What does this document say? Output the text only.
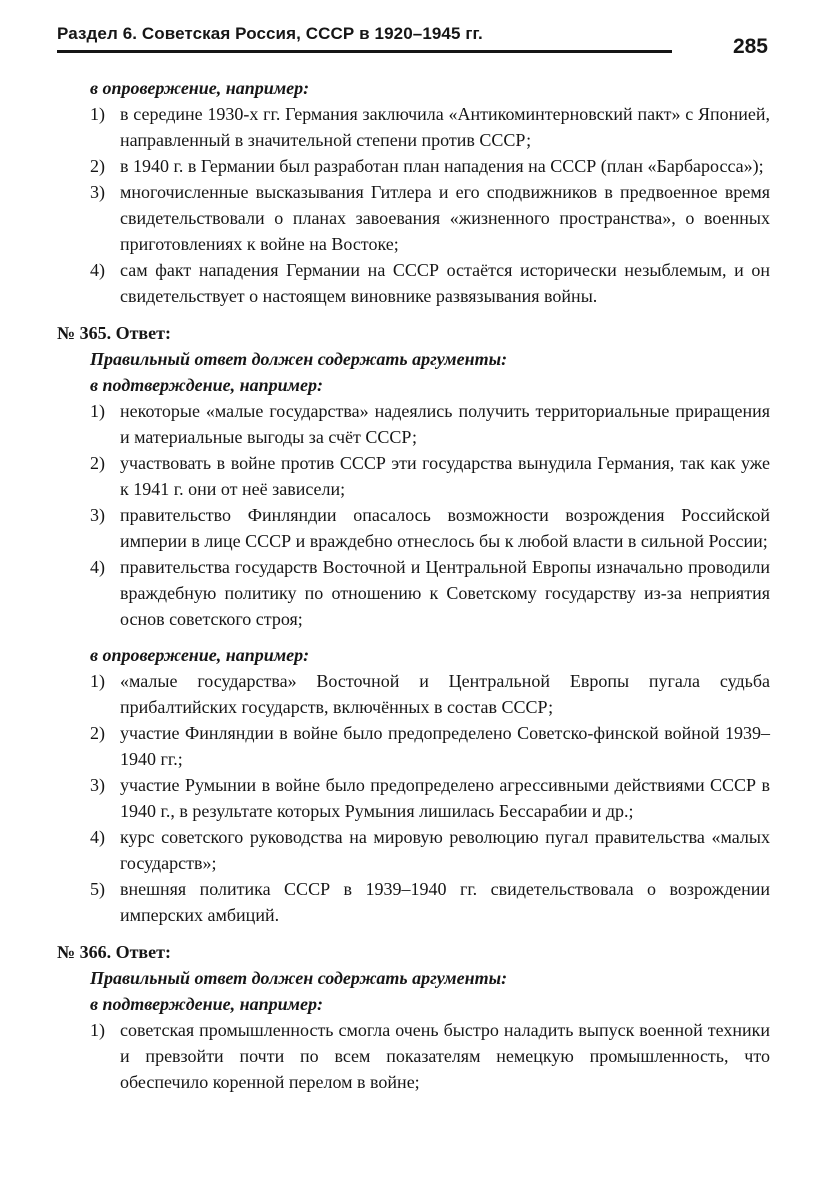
Раздел 6. Советская Россия, СССР в 1920–1945 гг.
285
в опровержение, например:
1) в середине 1930-х гг. Германия заключила «Антикоминтерновский пакт» с Японией, направленный в значительной степени против СССР;
2) в 1940 г. в Германии был разработан план нападения на СССР (план «Барбаросса»);
3) многочисленные высказывания Гитлера и его сподвижников в предвоенное время свидетельствовали о планах завоевания «жизненного пространства», о военных приготовлениях к войне на Востоке;
4) сам факт нападения Германии на СССР остаётся исторически незыблемым, и он свидетельствует о настоящем виновнике развязывания войны.
№ 365. Ответ:
Правильный ответ должен содержать аргументы:
в подтверждение, например:
1) некоторые «малые государства» надеялись получить территориальные приращения и материальные выгоды за счёт СССР;
2) участвовать в войне против СССР эти государства вынудила Германия, так как уже к 1941 г. они от неё зависели;
3) правительство Финляндии опасалось возможности возрождения Российской империи в лице СССР и враждебно отнеслось бы к любой власти в сильной России;
4) правительства государств Восточной и Центральной Европы изначально проводили враждебную политику по отношению к Советскому государству из-за неприятия основ советского строя;
в опровержение, например:
1) «малые государства» Восточной и Центральной Европы пугала судьба прибалтийских государств, включённых в состав СССР;
2) участие Финляндии в войне было предопределено Советско-финской войной 1939–1940 гг.;
3) участие Румынии в войне было предопределено агрессивными действиями СССР в 1940 г., в результате которых Румыния лишилась Бессарабии и др.;
4) курс советского руководства на мировую революцию пугал правительства «малых государств»;
5) внешняя политика СССР в 1939–1940 гг. свидетельствовала о возрождении имперских амбиций.
№ 366. Ответ:
Правильный ответ должен содержать аргументы:
в подтверждение, например:
1) советская промышленность смогла очень быстро наладить выпуск военной техники и превзойти почти по всем показателям немецкую промышленность, что обеспечило коренной перелом в войне;
